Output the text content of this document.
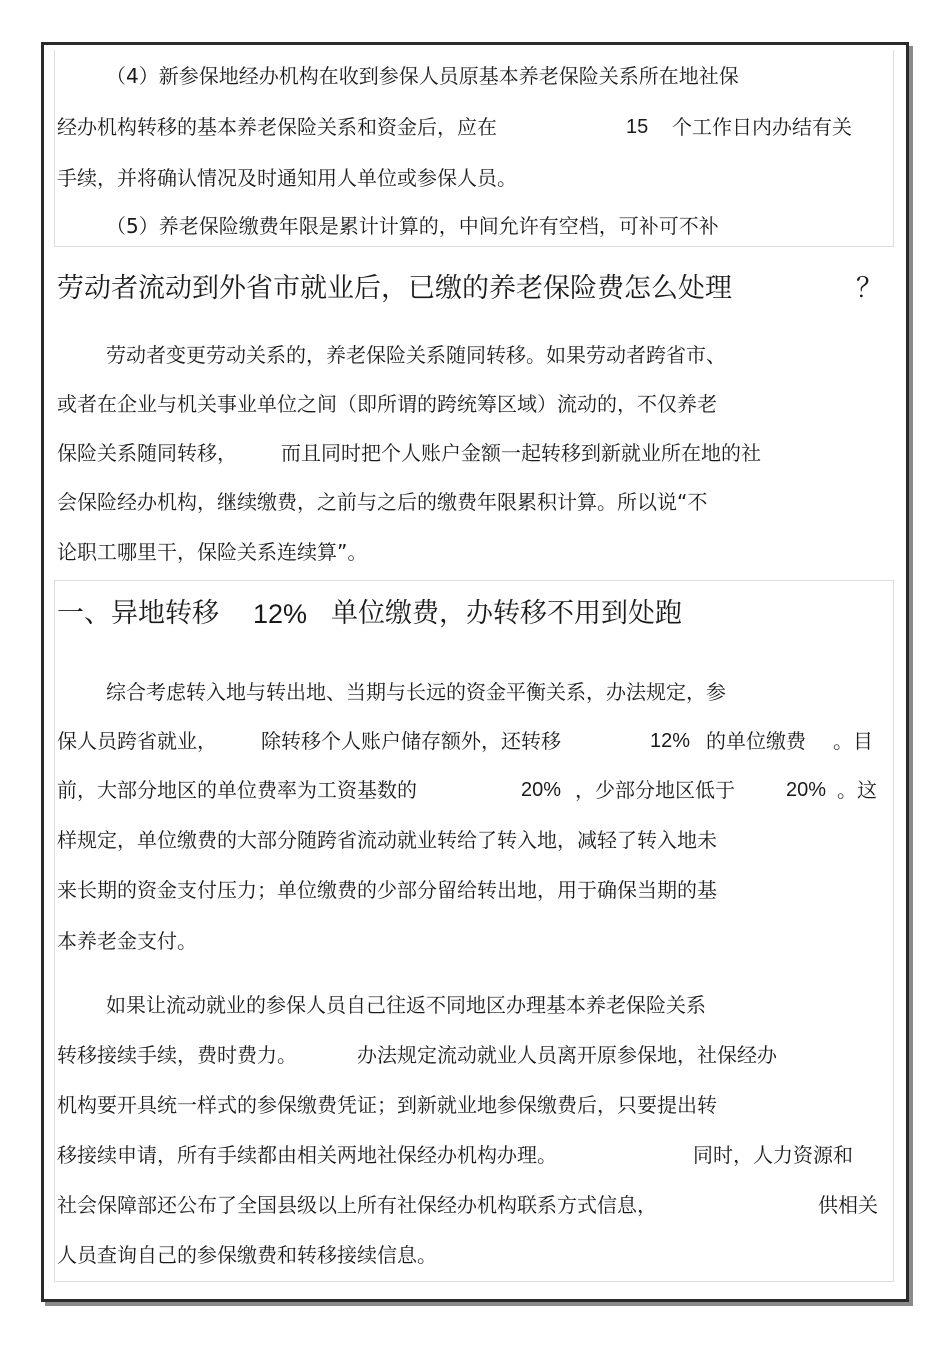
（4）新参保地经办机构在收到参保人员原基本养老保险关系所在地社保
经办机构转移的基本养老保险关系和资金后，应在	15 个工作日内办结有关
手续，并将确认情况及时通知用人单位或参保人员。
（5）养老保险缴费年限是累计计算的，中间允许有空档，可补可不补
劳动者流动到外省市就业后，已缴的养老保险费怎么处理	？
劳动者变更劳动关系的，养老保险关系随同转移。如果劳动者跨省市、
或者在企业与机关事业单位之间（即所谓的跨统筹区域）流动的，不仅养老
保险关系随同转移， 而且同时把个人账户金额一起转移到新就业所在地的社
会保险经办机构，继续缴费，之前与之后的缴费年限累积计算。所以说“不
论职工哪里干，保险关系连续算”。
一、异地转移 12% 单位缴费，办转移不用到处跑
综合考虑转入地与转出地、当期与长远的资金平衡关系，办法规定，参
保人员跨省就业， 除转移个人账户储存额外，还转移	12% 的单位缴费 。目
前，大部分地区的单位费率为工资基数的	20% ，少部分地区低于	20% 。这
样规定，单位缴费的大部分随跨省流动就业转给了转入地，减轻了转入地未
来长期的资金支付压力；单位缴费的少部分留给转出地，用于确保当期的基
本养老金支付。
如果让流动就业的参保人员自己往返不同地区办理基本养老保险关系
转移接续手续，费时费力。	办法规定流动就业人员离开原参保地，社保经办
机构要开具统一样式的参保缴费凭证；到新就业地参保缴费后，只要提出转
移接续申请，所有手续都由相关两地社保经办机构办理。	同时，人力资源和
社会保障部还公布了全国县级以上所有社保经办机构联系方式信息，	供相关
人员查询自己的参保缴费和转移接续信息。
